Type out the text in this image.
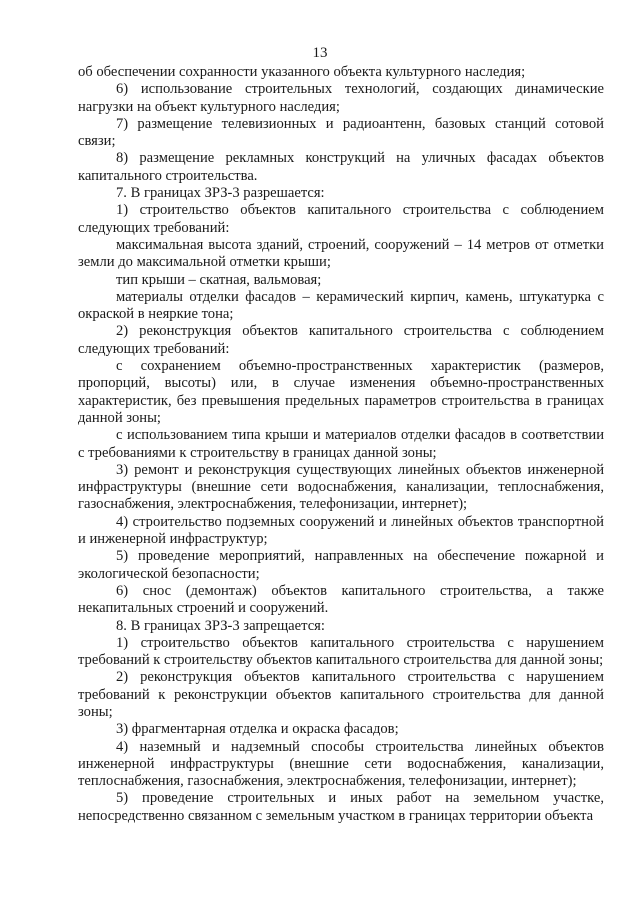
13

об обеспечении сохранности указанного объекта культурного наследия;

6) использование строительных технологий, создающих динамические нагрузки на объект культурного наследия;

7) размещение телевизионных и радиоантенн, базовых станций сотовой связи;

8) размещение рекламных конструкций на уличных фасадах объектов капитального строительства.

7. В границах ЗРЗ-3 разрешается:

1) строительство объектов капитального строительства с соблюдением следующих требований:

максимальная высота зданий, строений, сооружений – 14 метров от отметки земли до максимальной отметки крыши;

тип крыши – скатная, вальмовая;

материалы отделки фасадов – керамический кирпич, камень, штукатурка с окраской в неяркие тона;

2) реконструкция объектов капитального строительства с соблюдением следующих требований:

с сохранением объемно-пространственных характеристик (размеров, пропорций, высоты) или, в случае изменения объемно-пространственных характеристик, без превышения предельных параметров строительства в границах данной зоны;

с использованием типа крыши и материалов отделки фасадов в соответствии с требованиями к строительству в границах данной зоны;

3) ремонт и реконструкция существующих линейных объектов инженерной инфраструктуры (внешние сети водоснабжения, канализации, теплоснабжения, газоснабжения, электроснабжения, телефонизации, интернет);

4) строительство подземных сооружений и линейных объектов транспортной и инженерной инфраструктур;

5) проведение мероприятий, направленных на обеспечение пожарной и экологической безопасности;

6) снос (демонтаж) объектов капитального строительства, а также некапитальных строений и сооружений.

8. В границах ЗРЗ-3 запрещается:

1) строительство объектов капитального строительства с нарушением требований к строительству объектов капитального строительства для данной зоны;

2) реконструкция объектов капитального строительства с нарушением требований к реконструкции объектов капитального строительства для данной зоны;

3) фрагментарная отделка и окраска фасадов;

4) наземный и надземный способы строительства линейных объектов инженерной инфраструктуры (внешние сети водоснабжения, канализации, теплоснабжения, газоснабжения, электроснабжения, телефонизации, интернет);

5) проведение строительных и иных работ на земельном участке, непосредственно связанном с земельным участком в границах территории объекта
